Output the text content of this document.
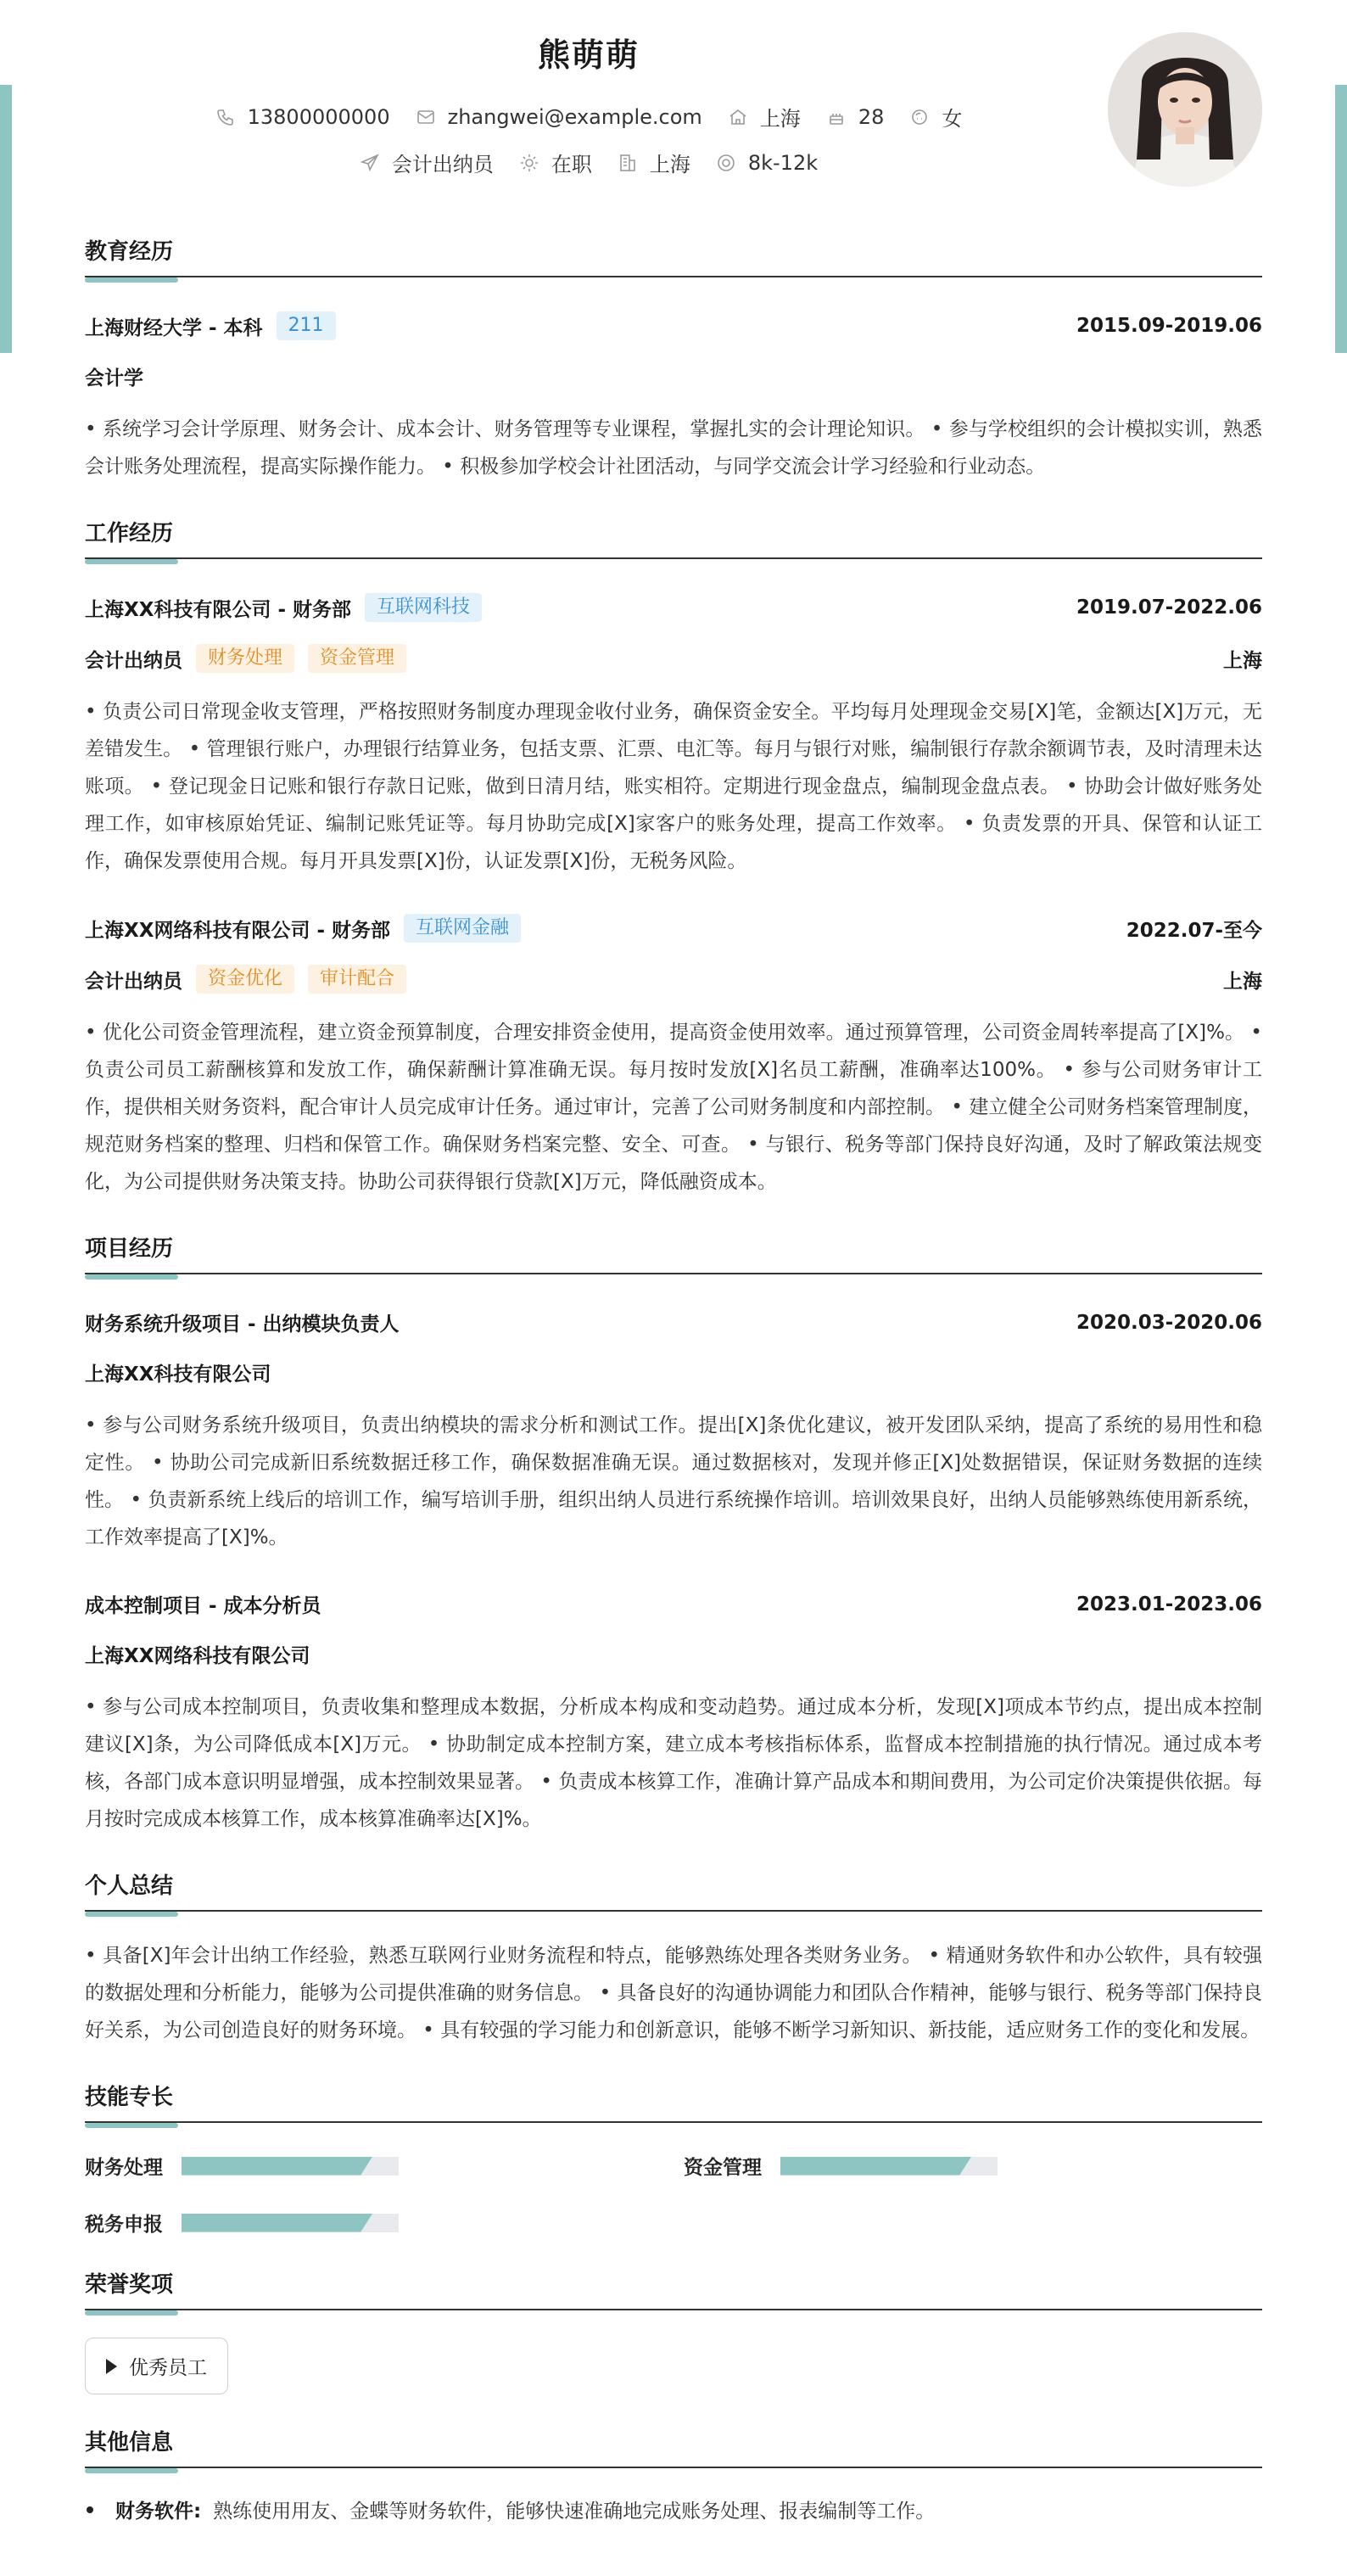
熊萌萌
13800000000	zhangwei@example.com	上海	28	女
会计出纳员	在职	上海	8k-12k
教育经历
上海财经大学 - 本科	211	2015.09-2019.06
会计学
• 系统学习会计学原理、财务会计、成本会计、财务管理等专业课程，掌握扎实的会计理论知识。 • 参与学校组织的会计模拟实训，熟悉会计账务处理流程，提高实际操作能力。 • 积极参加学校会计社团活动，与同学交流会计学习经验和行业动态。
工作经历
上海XX科技有限公司 - 财务部	互联网科技	2019.07-2022.06
会计出纳员	财务处理	资金管理	上海
• 负责公司日常现金收支管理，严格按照财务制度办理现金收付业务，确保资金安全。平均每月处理现金交易[X]笔，金额达[X]万元，无差错发生。 • 管理银行账户，办理银行结算业务，包括支票、汇票、电汇等。每月与银行对账，编制银行存款余额调节表，及时清理未达账项。 • 登记现金日记账和银行存款日记账，做到日清月结，账实相符。定期进行现金盘点，编制现金盘点表。 • 协助会计做好账务处理工作，如审核原始凭证、编制记账凭证等。每月协助完成[X]家客户的账务处理，提高工作效率。 • 负责发票的开具、保管和认证工作，确保发票使用合规。每月开具发票[X]份，认证发票[X]份，无税务风险。
上海XX网络科技有限公司 - 财务部	互联网金融	2022.07-至今
会计出纳员	资金优化	审计配合	上海
• 优化公司资金管理流程，建立资金预算制度，合理安排资金使用，提高资金使用效率。通过预算管理，公司资金周转率提高了[X]%。 • 负责公司员工薪酬核算和发放工作，确保薪酬计算准确无误。每月按时发放[X]名员工薪酬，准确率达100%。 • 参与公司财务审计工作，提供相关财务资料，配合审计人员完成审计任务。通过审计，完善了公司财务制度和内部控制。 • 建立健全公司财务档案管理制度，规范财务档案的整理、归档和保管工作。确保财务档案完整、安全、可查。 • 与银行、税务等部门保持良好沟通，及时了解政策法规变化，为公司提供财务决策支持。协助公司获得银行贷款[X]万元，降低融资成本。
项目经历
财务系统升级项目 - 出纳模块负责人	2020.03-2020.06
上海XX科技有限公司
• 参与公司财务系统升级项目，负责出纳模块的需求分析和测试工作。提出[X]条优化建议，被开发团队采纳，提高了系统的易用性和稳定性。 • 协助公司完成新旧系统数据迁移工作，确保数据准确无误。通过数据核对，发现并修正[X]处数据错误，保证财务数据的连续性。 • 负责新系统上线后的培训工作，编写培训手册，组织出纳人员进行系统操作培训。培训效果良好，出纳人员能够熟练使用新系统，工作效率提高了[X]%。
成本控制项目 - 成本分析员	2023.01-2023.06
上海XX网络科技有限公司
• 参与公司成本控制项目，负责收集和整理成本数据，分析成本构成和变动趋势。通过成本分析，发现[X]项成本节约点，提出成本控制建议[X]条，为公司降低成本[X]万元。 • 协助制定成本控制方案，建立成本考核指标体系，监督成本控制措施的执行情况。通过成本考核，各部门成本意识明显增强，成本控制效果显著。 • 负责成本核算工作，准确计算产品成本和期间费用，为公司定价决策提供依据。每月按时完成成本核算工作，成本核算准确率达[X]%。
个人总结
• 具备[X]年会计出纳工作经验，熟悉互联网行业财务流程和特点，能够熟练处理各类财务业务。 • 精通财务软件和办公软件，具有较强的数据处理和分析能力，能够为公司提供准确的财务信息。 • 具备良好的沟通协调能力和团队合作精神，能够与银行、税务等部门保持良好关系，为公司创造良好的财务环境。 • 具有较强的学习能力和创新意识，能够不断学习新知识、新技能，适应财务工作的变化和发展。
技能专长
财务处理	资金管理
税务申报
荣誉奖项
优秀员工
其他信息
财务软件: 熟练使用用友、金蝶等财务软件，能够快速准确地完成账务处理、报表编制等工作。
